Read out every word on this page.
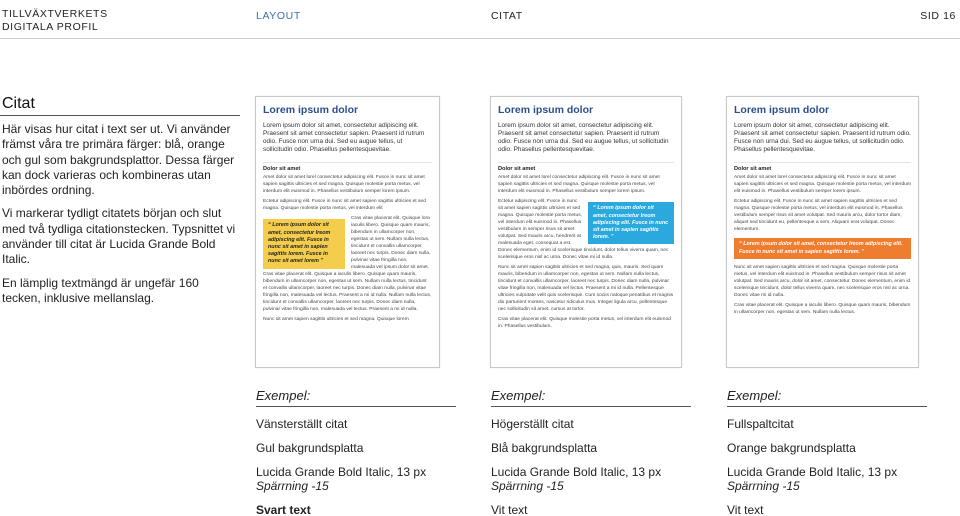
TILLVÄXTVERKETS
DIGITALA PROFIL
LAYOUT	CITAT	SID 16
Citat

Här visas hur citat i text ser ut. Vi använder främst våra tre primära färger: blå, orange och gul som bakgrundsplattor. Dessa färger kan dock varieras och kombineras utan inbördes ordning.

Vi markerar tydligt citatets början och slut med två tydliga citationstecken. Typsnittet vi använder till citat är Lucida Grande Bold Italic.

En lämplig textmängd är ungefär 160 tecken, inklusive mellanslag.

Lorem ipsum dolor
Lorem ipsum dolor sit amet, consectetur adipiscing elit. Praesent sit amet consectetur sapien. Praesent id rutrum odio. Fusce non urna dui. Sed eu augue tellus, ut sollicitudin odio. Phasellus pellentesquevitae.
Dolor sit amet
Amet dolor sit amet lorel consectetur adipiscing elit. Fusce in nunc sit amet sapien sagittis ultricies et sed magna. Quisque molestie porta metus, vel interdum elit euismod in. Phasellus vestibulum semper lorem ipsum.
Ectetur adipiscing elit. Fusce in nunc sit amet sapien sagittis ultricies et sed magna. Quisque molestie porta metus, vel interdum elit
“ Lorem ipsum dolor sit amet, consectetur lreom adipiscing elit. Fusce in nunc sit amet in sapien sagittis lorem. Fusce in nunc sit amet lorem ”
Cras vitae placerat elit. Quisque lora iaculis libero. Quisque quam mauris, bibendum in ullamcorper non, egestas ut sem. Nullam nulla lectus, tincidunt et convallis ullamcorper, laoreet nec turpis. Donec diam nulla, pulvinar vitae fringilla non, malesuada vel ipsum dolor sit amet. Cras vitae placerat elit. Quisque a iaculis libero. Quisque quam mauris, bibendum in ullamcorper non, egestas ut sem. Nullam nulla lectus, tincidunt et convallis ullamcorper, laoreet nec turpis. Donec diam nulla, pulvinar vitae fringilla non, malesuada vel lectus. Praesent a mi id nulla. Nullam nulla lectus, tincidunt et convallis ullamcorper, laoreet nec turpis. Donec diam nulla, pulvinar vitae fringilla non, malesuada vel lectus. Praesent a mi id nulla.
Nunc sit amet sapien sagittis ultricies et sed magna. Quisque lorem
Lorem ipsum dolor
Lorem ipsum dolor sit amet, consectetur adipiscing elit. Praesent sit amet consectetur sapien. Praesent id rutrum odio. Fusce non urna dui. Sed eu augue tellus, ut sollicitudin odio. Phasellus pellentesquevitae.
Dolor sit amet
Amet dolor sit amet lorel consectetur adipiscing elit. Fusce in nunc sit amet sapien sagittis ultricies et sed magna. Quisque molestie porta metus, vel interdum elit euismod in. Phasellus vestibulum semper lorem ipsum.
“ Lorem ipsum dolor sit amet, consectetur lreom adipiscing elit. Fusce in nunc sit amet in sapien sagittis lorem. ”
Ectetur adipiscing elit. Fusce in nunc sit amet sapien sagittis ultricies et sed magna. Quisque molestie porta metus, vel interdum elit euismod in. Phasellus vestibulum in semper risus sit amet volutpat. Sed mauris arcu, hendrerit at malesuada eget, consequat a est. Donec elementum, enim id scelerisque tincidunt, dolor tellus viverra quam, nec scelerisque eros nisl ac urna. Donec vitae mi id nulla.
Nunc sit amet sapien sagittis ultricies et sed magna, quis, mauris. Sed quam mauris, bibendum in ullamcorper non, egestas ut sem. Nullam nulla lectus, tincidunt et convallis ullamcorper, laoreet nec turpis. Donec diam nulla, pulvinar vitae fringilla non, malesuada vel lectus. Praesent a mi id nulla. Pellentesque ultricies vulputate velit quis scelerisque. Cum sociis natoque penatibus et magnis dis parturient montes, nascetur ridiculus mus. Integer ligula arcu, pellentesque nec sollicitudin sit amet, cursus at tortor.
Cras vitae placerat elit. Quisque molestie porta metus, vel interdum elit euismod in. Phasellus vestibulum.
Lorem ipsum dolor
Lorem ipsum dolor sit amet, consectetur adipiscing elit. Praesent sit amet consectetur sapien. Praesent id rutrum odio. Fusce non urna dui. Sed eu augue tellus, ut sollicitudin odio. Phasellus pellentesquevitae.
Dolor sit amet
Amet dolor sit amet lorel consectetur adipiscing elit. Fusce in nunc sit amet sapien sagittis ultricies et sed magna. Quisque molestie porta metus, vel interdum elit euismod in. Phasellus vestibulum semper lorem ipsum.
Ectetur adipiscing elit. Fusce in nunc sit amet sapien sagittis ultricies et sed magna. Quisque molestie porta metus, vel interdum elit euismod in. Phasellus vestibulum semper risus sit amet volutpat. Sed mauris arcu, dolor tortor diam, aliquet sed tincidunt eu, pellentesque a sem. Aliquam erat volutpat. Donec elementum.
“ Lorem ipsum dolor sit amet, consectetur lreom adipiscing elit. Fusce in nunc sit amet in sapien sagittis lorem. ”
Nunc sit amet sapien sagittis ultricies et sed magna. Quisque molestie porta metus, vel interdum elit euismod in. Phasellus vestibulum semper risus sit amet volutpat. Sed mauris arcu, dolor sit amet, consectetur. Donec elementum, enim id scelerisque tincidunt, dolor tellus viverra quam, nec scelerisque eros nisl ac urna. Donec vitae mi id nulla.
Cras vitae placerat elit. Quisque a iaculis libero. Quisque quam mauris, bibendum in ullamcorper non, egestas ut sem. Nullam nulla lectus.
Exempel:
Vänsterställt citat
Gul bakgrundsplatta
Lucida Grande Bold Italic, 13 px
Spärrning -15
Svart text
Exempel:
Högerställt citat
Blå bakgrundsplatta
Lucida Grande Bold Italic, 13 px
Spärrning -15
Vit text
Exempel:
Fullspaltcitat
Orange bakgrundsplatta
Lucida Grande Bold Italic, 13 px
Spärrning -15
Vit text
